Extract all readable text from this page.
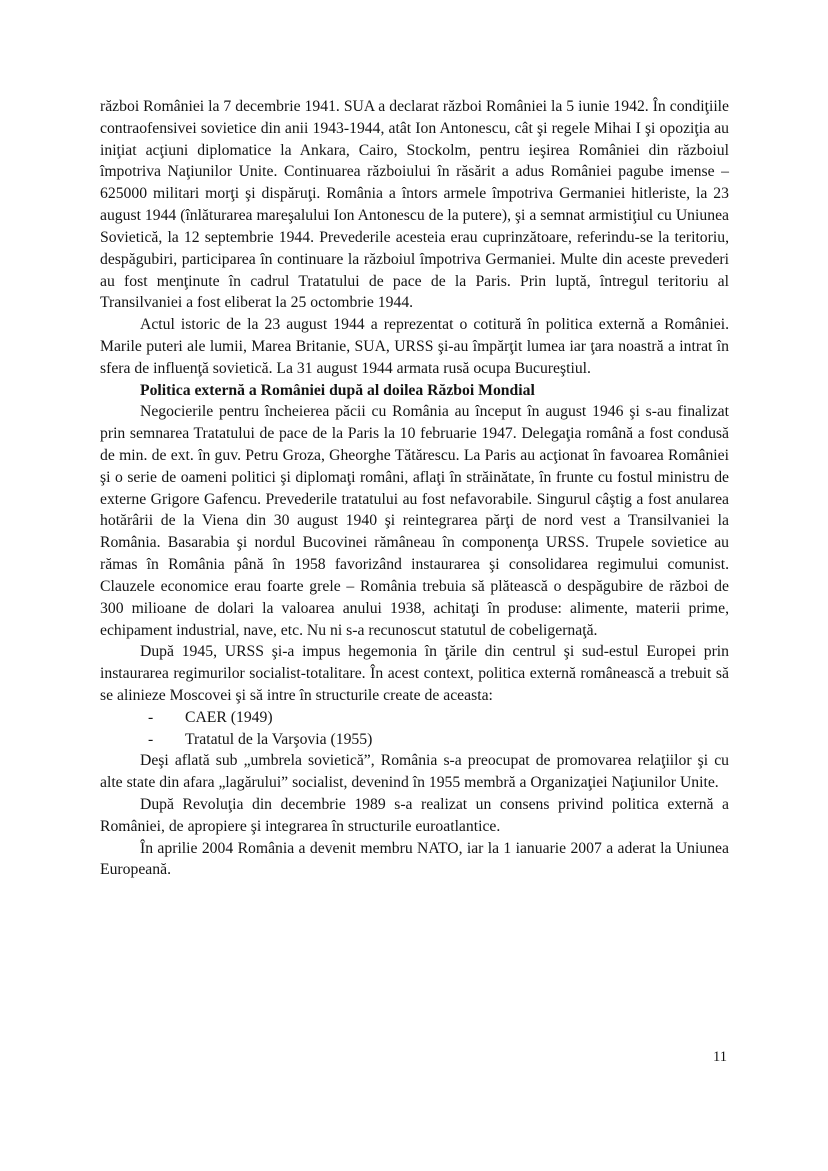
război României la 7 decembrie 1941. SUA a declarat război României la 5 iunie 1942. În condiţiile contraofensivei sovietice din anii 1943-1944, atât Ion Antonescu, cât şi regele Mihai I şi opoziţia au iniţiat acţiuni diplomatice la Ankara, Cairo, Stockolm, pentru ieşirea României din războiul împotriva Naţiunilor Unite. Continuarea războiului în răsărit a adus României pagube imense – 625000 militari morţi şi dispăruţi. România a întors armele împotriva Germaniei hitleriste, la 23 august 1944 (înlăturarea mareşalului Ion Antonescu de la putere), şi a semnat armistiţiul cu Uniunea Sovietică, la 12 septembrie 1944. Prevederile acesteia erau cuprinzătoare, referindu-se la teritoriu, despăgubiri, participarea în continuare la războiul împotriva Germaniei. Multe din aceste prevederi au fost menţinute în cadrul Tratatului de pace de la Paris. Prin luptă, întregul teritoriu al Transilvaniei a fost eliberat la 25 octombrie 1944.

Actul istoric de la 23 august 1944 a reprezentat o cotitură în politica externă a României. Marile puteri ale lumii, Marea Britanie, SUA, URSS şi-au împărţit lumea iar ţara noastră a intrat în sfera de influenţă sovietică. La 31 august 1944 armata rusă ocupa Bucureştiul.

Politica externă a României după al doilea Război Mondial

Negocierile pentru încheierea păcii cu România au început în august 1946 şi s-au finalizat prin semnarea Tratatului de pace de la Paris la 10 februarie 1947. Delegaţia română a fost condusă de min. de ext. în guv. Petru Groza, Gheorghe Tătărescu. La Paris au acţionat în favoarea României şi o serie de oameni politici şi diplomaţi români, aflaţi în străinătate, în frunte cu fostul ministru de externe Grigore Gafencu. Prevederile tratatului au fost nefavorabile. Singurul câştig a fost anularea hotărârii de la Viena din 30 august 1940 şi reintegrarea părţi de nord vest a Transilvaniei la România. Basarabia şi nordul Bucovinei rămâneau în componenţa URSS. Trupele sovietice au rămas în România până în 1958 favorizând instaurarea şi consolidarea regimului comunist. Clauzele economice erau foarte grele – România trebuia să plătească o despăgubire de război de 300 milioane de dolari la valoarea anului 1938, achitaţi în produse: alimente, materii prime, echipament industrial, nave, etc. Nu ni s-a recunoscut statutul de cobeligernaţă.

După 1945, URSS şi-a impus hegemonia în ţările din centrul şi sud-estul Europei prin instaurarea regimurilor socialist-totalitare. În acest context, politica externă românească a trebuit să se alinieze Moscovei şi să intre în structurile create de aceasta:

-	CAER (1949)
-	Tratatul de la Varşovia (1955)

Deşi aflată sub „umbrela sovietică”, România s-a preocupat de promovarea relaţiilor şi cu alte state din afara „lagărului” socialist, devenind în 1955 membră a Organizaţiei Naţiunilor Unite.

După Revoluţia din decembrie 1989 s-a realizat un consens privind politica externă a României, de apropiere şi integrarea în structurile euroatlantice.

În aprilie 2004 România a devenit membru NATO, iar la 1 ianuarie 2007 a aderat la Uniunea Europeană.

11
